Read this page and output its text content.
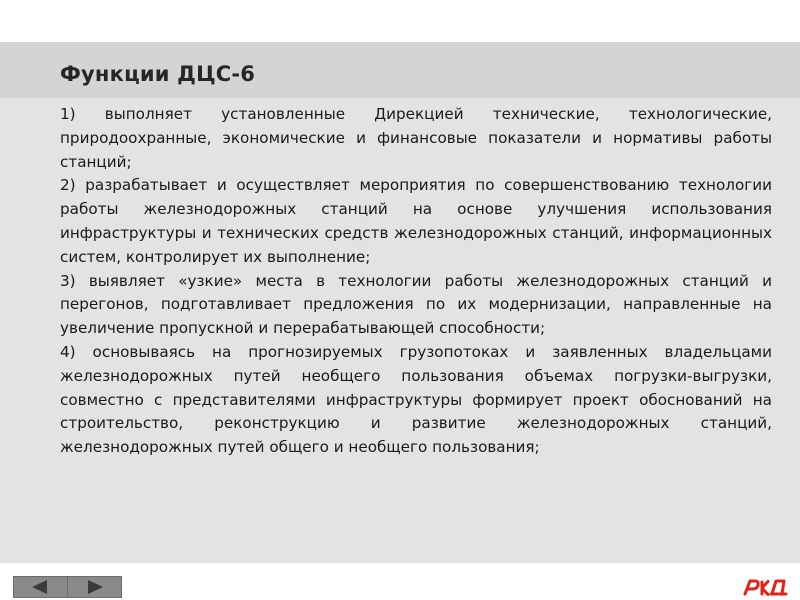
Функции ДЦС-6

1) выполняет установленные Дирекцией технические, технологические, природоохранные, экономические и финансовые показатели и нормативы работы станций;

2) разрабатывает и осуществляет мероприятия по совершенствованию технологии работы железнодорожных станций на основе улучшения использования инфраструктуры и технических средств железнодорожных станций, информационных систем, контролирует их выполнение;

3) выявляет «узкие» места в технологии работы железнодорожных станций и перегонов, подготавливает предложения по их модернизации, направленные на увеличение пропускной и перерабатывающей способности;

4) основываясь на прогнозируемых грузопотоках и заявленных владельцами железнодорожных путей необщего пользования объемах погрузки-выгрузки, совместно с представителями инфраструктуры формирует проект обоснований на строительство, реконструкцию и развитие железнодорожных станций, железнодорожных путей общего и необщего пользования;
